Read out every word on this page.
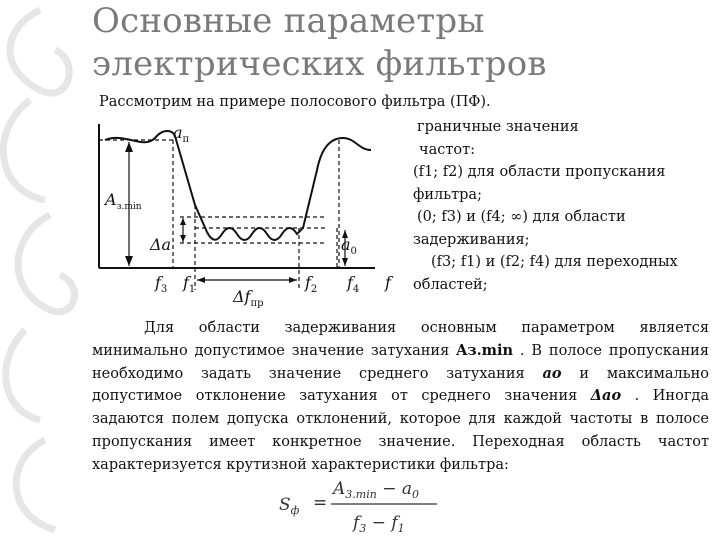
Основные параметры
электрических фильтров
Рассмотрим на примере полосового фильтра (ПФ).
$a_п$
$A_{з.min}$
Δa	$a_0$
$f_3$ $f_1$ $\Delta f_{пр}$
$f_2$ $f_4$ f
граничные значения
частот:
(f1; f2) для области пропускания
фильтра;
(0; f3) и (f4; ∞) для области
задерживания;
(f3; f1) и (f2; f4) для переходных
областей;
Для области задерживания основным параметром является минимально допустимое значение затухания Aз.min . В полосе пропускания необходимо задать значение среднего затухания aо и максимально допустимое отклонение затухания от среднего значения Δaо . Иногда задаются полем допуска отклонений, которое для каждой частоты в полосе пропускания имеет конкретное значение. Переходная область частот характеризуется крутизной характеристики фильтра:
$S_ф$ =
$A_{3.min} - a_0$
$f_3 - f_1$
